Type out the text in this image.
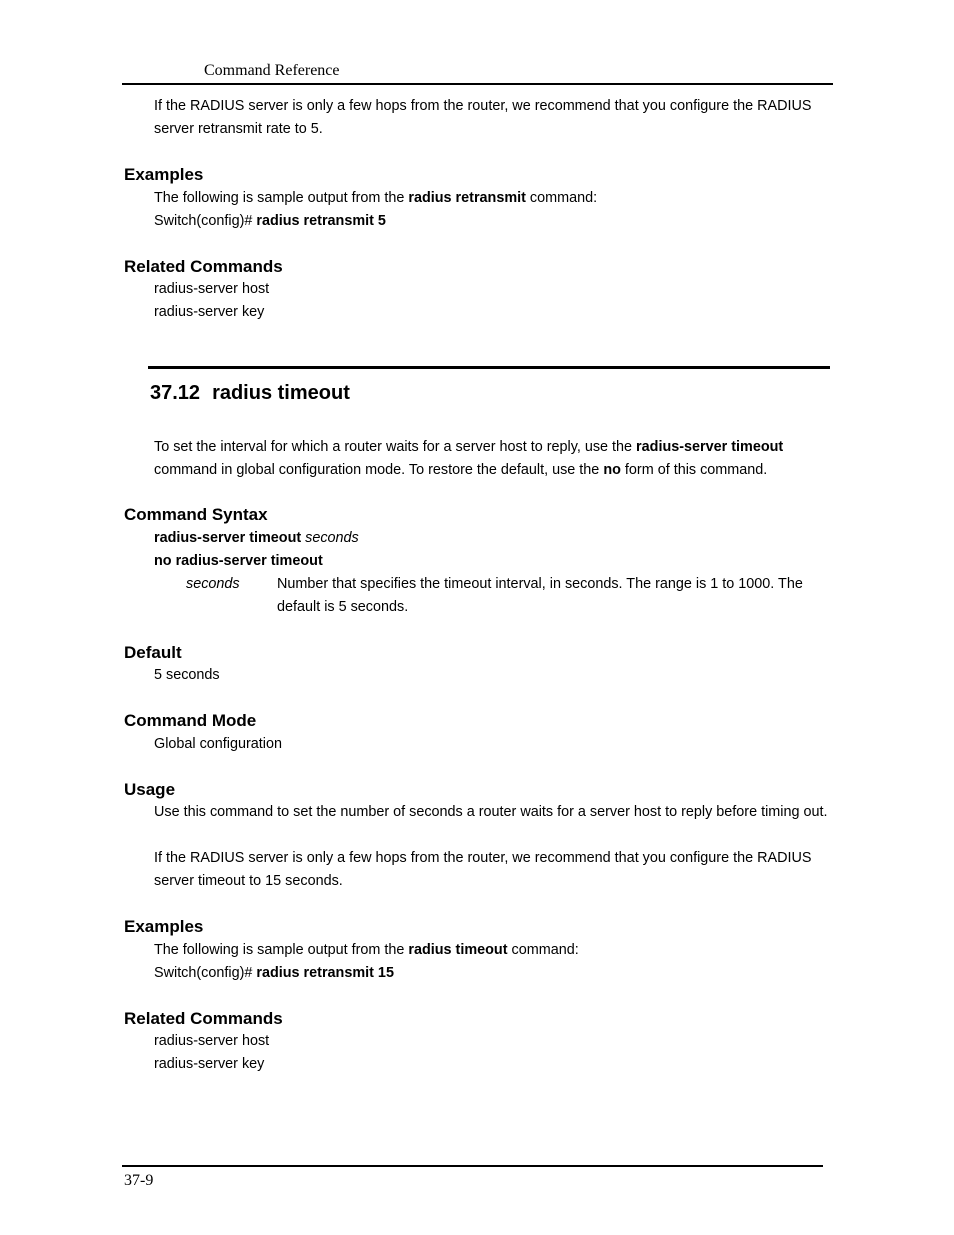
Command Reference
If the RADIUS server is only a few hops from the router, we recommend that you configure the RADIUS server retransmit rate to 5.
Examples
The following is sample output from the radius retransmit command:
Switch(config)# radius retransmit 5
Related Commands
radius-server host
radius-server key
37.12 radius timeout
To set the interval for which a router waits for a server host to reply, use the radius-server timeout command in global configuration mode. To restore the default, use the no form of this command.
Command Syntax
radius-server timeout seconds
no radius-server timeout
seconds	Number that specifies the timeout interval, in seconds. The range is 1 to 1000. The default is 5 seconds.
Default
5 seconds
Command Mode
Global configuration
Usage
Use this command to set the number of seconds a router waits for a server host to reply before timing out.
If the RADIUS server is only a few hops from the router, we recommend that you configure the RADIUS server timeout to 15 seconds.
Examples
The following is sample output from the radius timeout command:
Switch(config)# radius retransmit 15
Related Commands
radius-server host
radius-server key
37-9
